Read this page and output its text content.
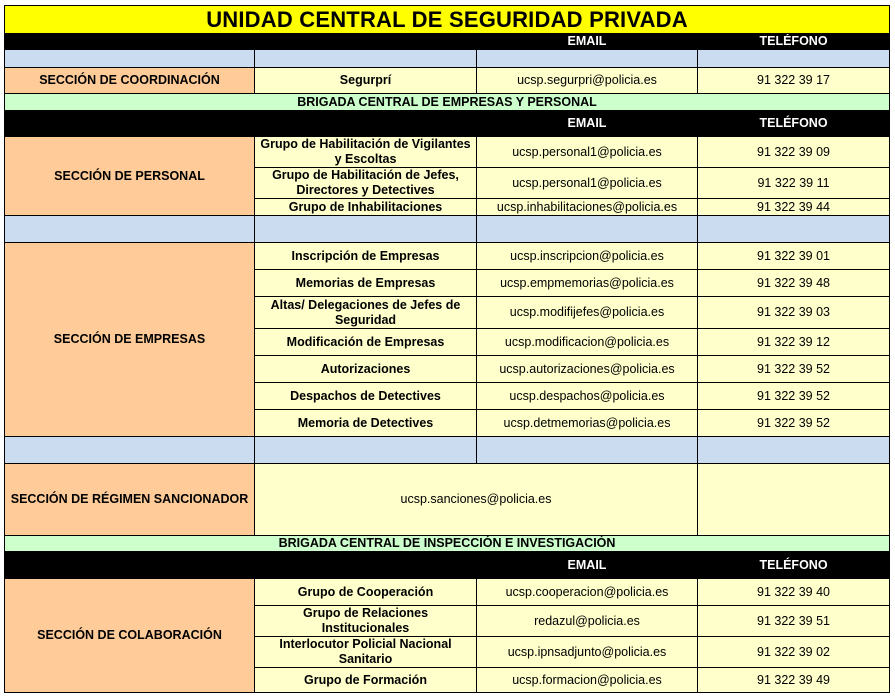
UNIDAD CENTRAL DE SEGURIDAD PRIVADA			
		EMAIL	TELÉFONO

SECCIÓN DE COORDINACIÓN	Segurprí	ucsp.segurpri@policia.es	91 322 39 17
BRIGADA CENTRAL DE EMPRESAS Y PERSONAL			
		EMAIL	TELÉFONO
SECCIÓN DE PERSONAL	Grupo de Habilitación de Vigilantes y Escoltas	ucsp.personal1@policia.es	91 322 39 09
	Grupo de Habilitación de Jefes, Directores y Detectives	ucsp.personal1@policia.es	91 322 39 11
	Grupo de Inhabilitaciones	ucsp.inhabilitaciones@policia.es	91 322 39 44

SECCIÓN DE EMPRESAS	Inscripción de Empresas	ucsp.inscripcion@policia.es	91 322 39 01
	Memorias de Empresas	ucsp.empmemorias@policia.es	91 322 39 48
	Altas/ Delegaciones de Jefes de Seguridad	ucsp.modifijefes@policia.es	91 322 39 03
	Modificación de Empresas	ucsp.modificacion@policia.es	91 322 39 12
	Autorizaciones	ucsp.autorizaciones@policia.es	91 322 39 52
	Despachos de Detectives	ucsp.despachos@policia.es	91 322 39 52
	Memoria de Detectives	ucsp.detmemorias@policia.es	91 322 39 52

SECCIÓN DE RÉGIMEN SANCIONADOR	ucsp.sanciones@policia.es		
BRIGADA CENTRAL DE INSPECCIÓN E INVESTIGACIÓN			
		EMAIL	TELÉFONO
SECCIÓN DE COLABORACIÓN	Grupo de Cooperación	ucsp.cooperacion@policia.es	91 322 39 40
	Grupo de Relaciones Institucionales	redazul@policia.es	91 322 39 51
	Interlocutor Policial Nacional Sanitario	ucsp.ipnsadjunto@policia.es	91 322 39 02
	Grupo de Formación	ucsp.formacion@policia.es	91 322 39 49
